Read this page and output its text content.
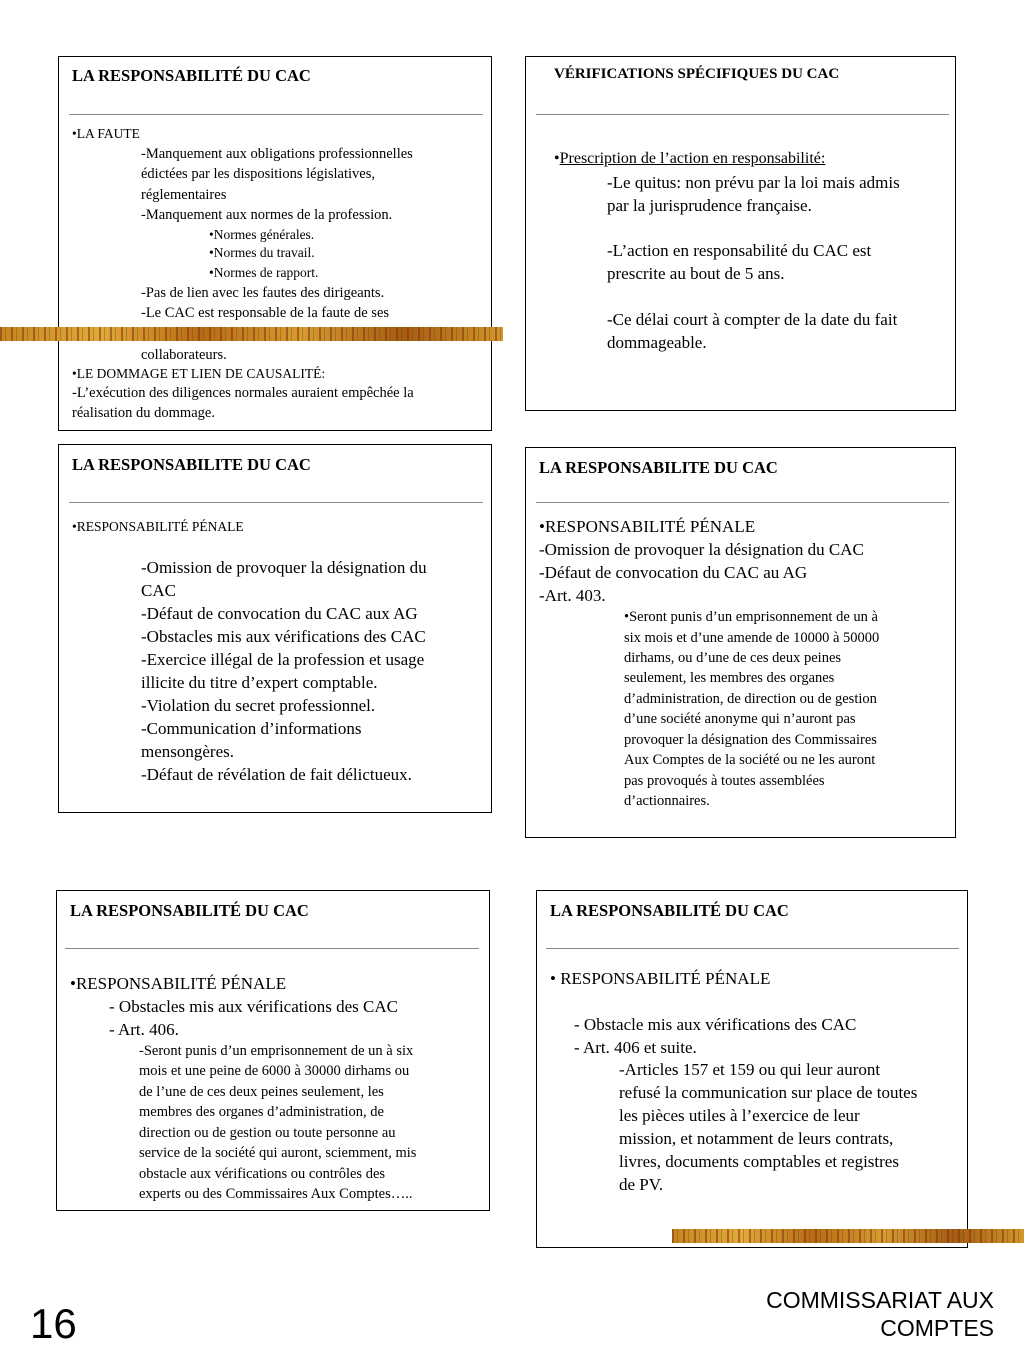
LA RESPONSABILITÉ DU CAC
•LA FAUTE
-Manquement aux obligations professionnelles
édictées par les dispositions législatives,
réglementaires
-Manquement aux normes de la profession.
•Normes générales.
•Normes du travail.
•Normes de rapport.
-Pas de lien avec les fautes des dirigeants.
-Le CAC est responsable de la faute de ses
collaborateurs.
•LE DOMMAGE ET LIEN DE CAUSALITÉ:
-L’exécution des diligences normales auraient empêchée la
réalisation du dommage.
VÉRIFICATIONS SPÉCIFIQUES DU CAC
•Prescription de l’action en responsabilité:
-Le quitus: non prévu par la loi mais admis
par la jurisprudence française.
-L’action en responsabilité du CAC est
prescrite au bout de 5 ans.
-Ce délai court à compter de la date du fait
dommageable.
LA RESPONSABILITE DU CAC
•RESPONSABILITÉ PÉNALE
-Omission de provoquer la désignation du
CAC
-Défaut de convocation du CAC aux AG
-Obstacles mis aux vérifications des CAC
-Exercice illégal de la profession et usage
illicite du titre d’expert comptable.
-Violation du secret professionnel.
-Communication d’informations
mensongères.
-Défaut de révélation de fait délictueux.
LA RESPONSABILITE DU CAC
•RESPONSABILITÉ PÉNALE
-Omission de provoquer la désignation du CAC
-Défaut de convocation du CAC au AG
-Art. 403.
•Seront punis d’un emprisonnement de un à
six mois et d’une amende de 10000 à 50000
dirhams, ou d’une de ces deux peines
seulement, les membres des organes
d’administration, de direction ou de gestion
d’une société anonyme qui n’auront pas
provoquer la désignation des Commissaires
Aux Comptes de la société ou ne les auront
pas provoqués à toutes assemblées
d’actionnaires.
LA RESPONSABILITÉ DU CAC
•RESPONSABILITÉ PÉNALE
- Obstacles mis aux vérifications des CAC
- Art. 406.
-Seront punis d’un emprisonnement de un à six
mois et une peine de 6000 à 30000 dirhams ou
de l’une de ces deux peines seulement, les
membres des organes d’administration, de
direction ou de gestion ou toute personne au
service de la société qui auront, sciemment, mis
obstacle aux vérifications ou contrôles des
experts ou des Commissaires Aux Comptes…..
LA RESPONSABILITÉ DU CAC
• RESPONSABILITÉ PÉNALE
- Obstacle mis aux vérifications des CAC
- Art. 406 et suite.
-Articles 157 et 159 ou qui leur auront
refusé la communication sur place de toutes
les pièces utiles à l’exercice de leur
mission, et notamment de leurs contrats,
livres, documents comptables et registres
de PV.
COMMISSARIAT AUX
COMPTES
16
